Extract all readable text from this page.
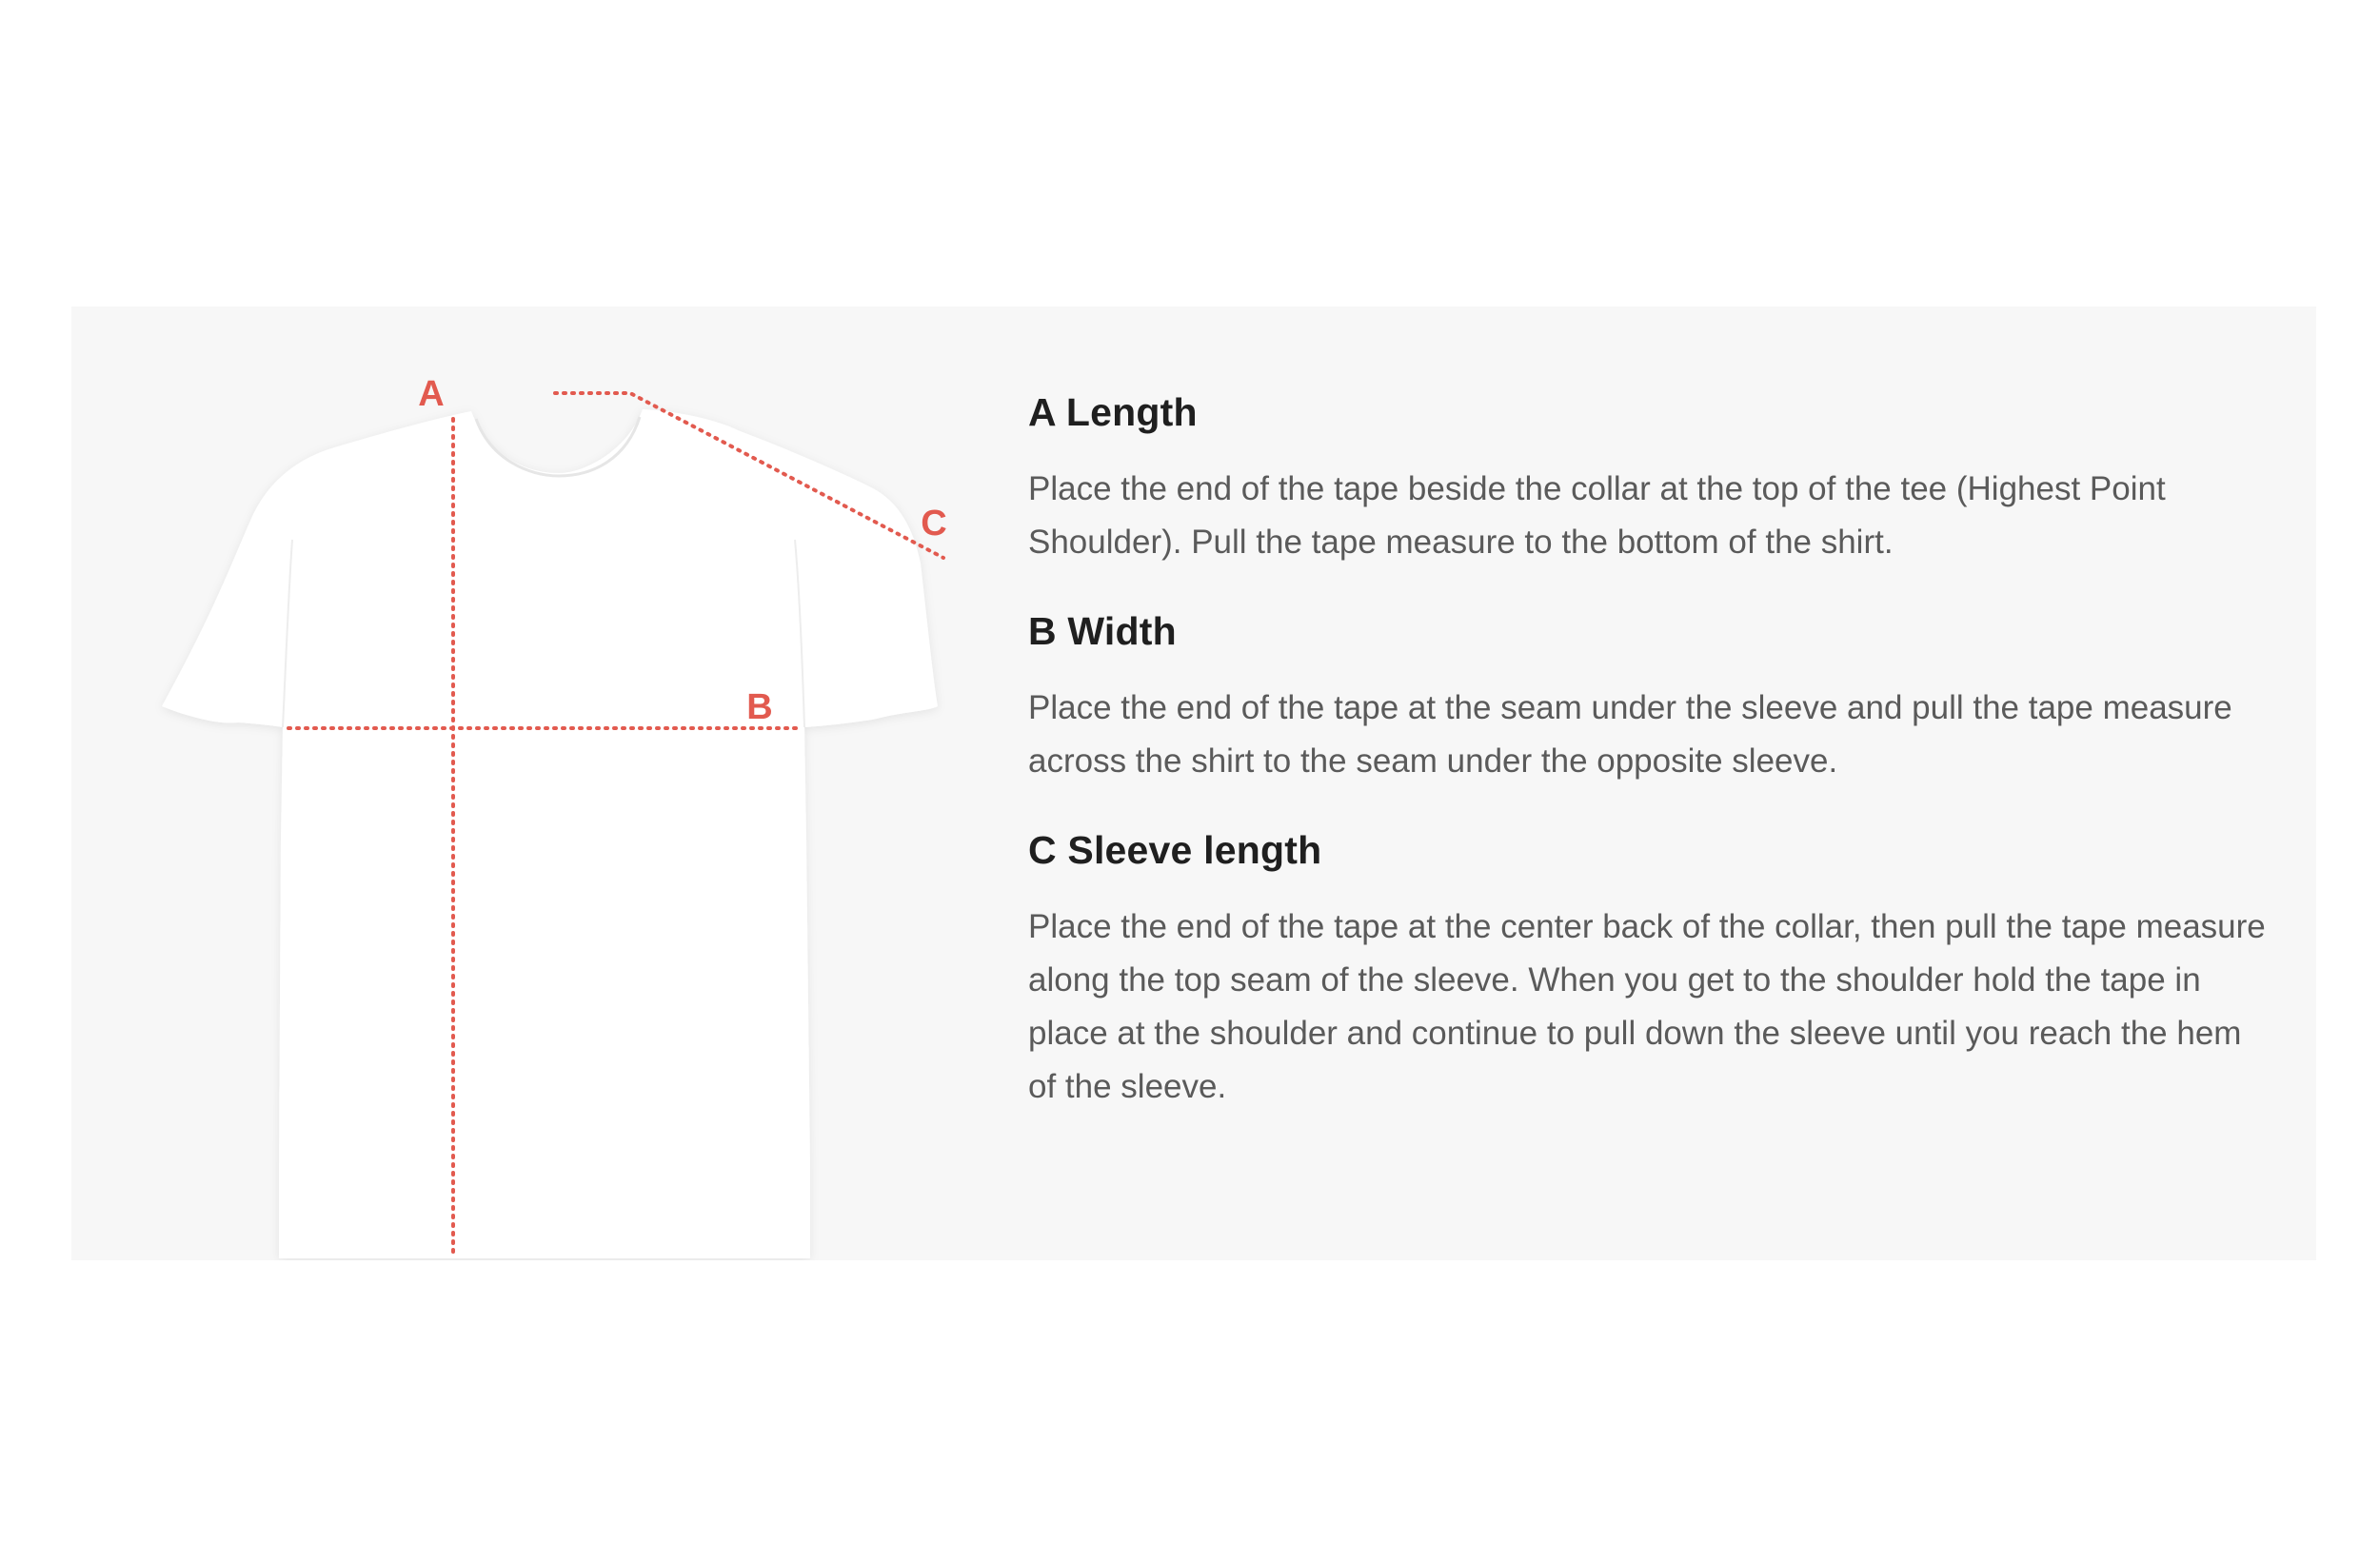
A
B
C
A Length

Place the end of the tape beside the collar at the top of the tee (Highest Point Shoulder). Pull the tape measure to the bottom of the shirt.

B Width

Place the end of the tape at the seam under the sleeve and pull the tape measure across the shirt to the seam under the opposite sleeve.

C Sleeve length

Place the end of the tape at the center back of the collar, then pull the tape measure along the top seam of the sleeve. When you get to the shoulder hold the tape in place at the shoulder and continue to pull down the sleeve until you reach the hem of the sleeve.
